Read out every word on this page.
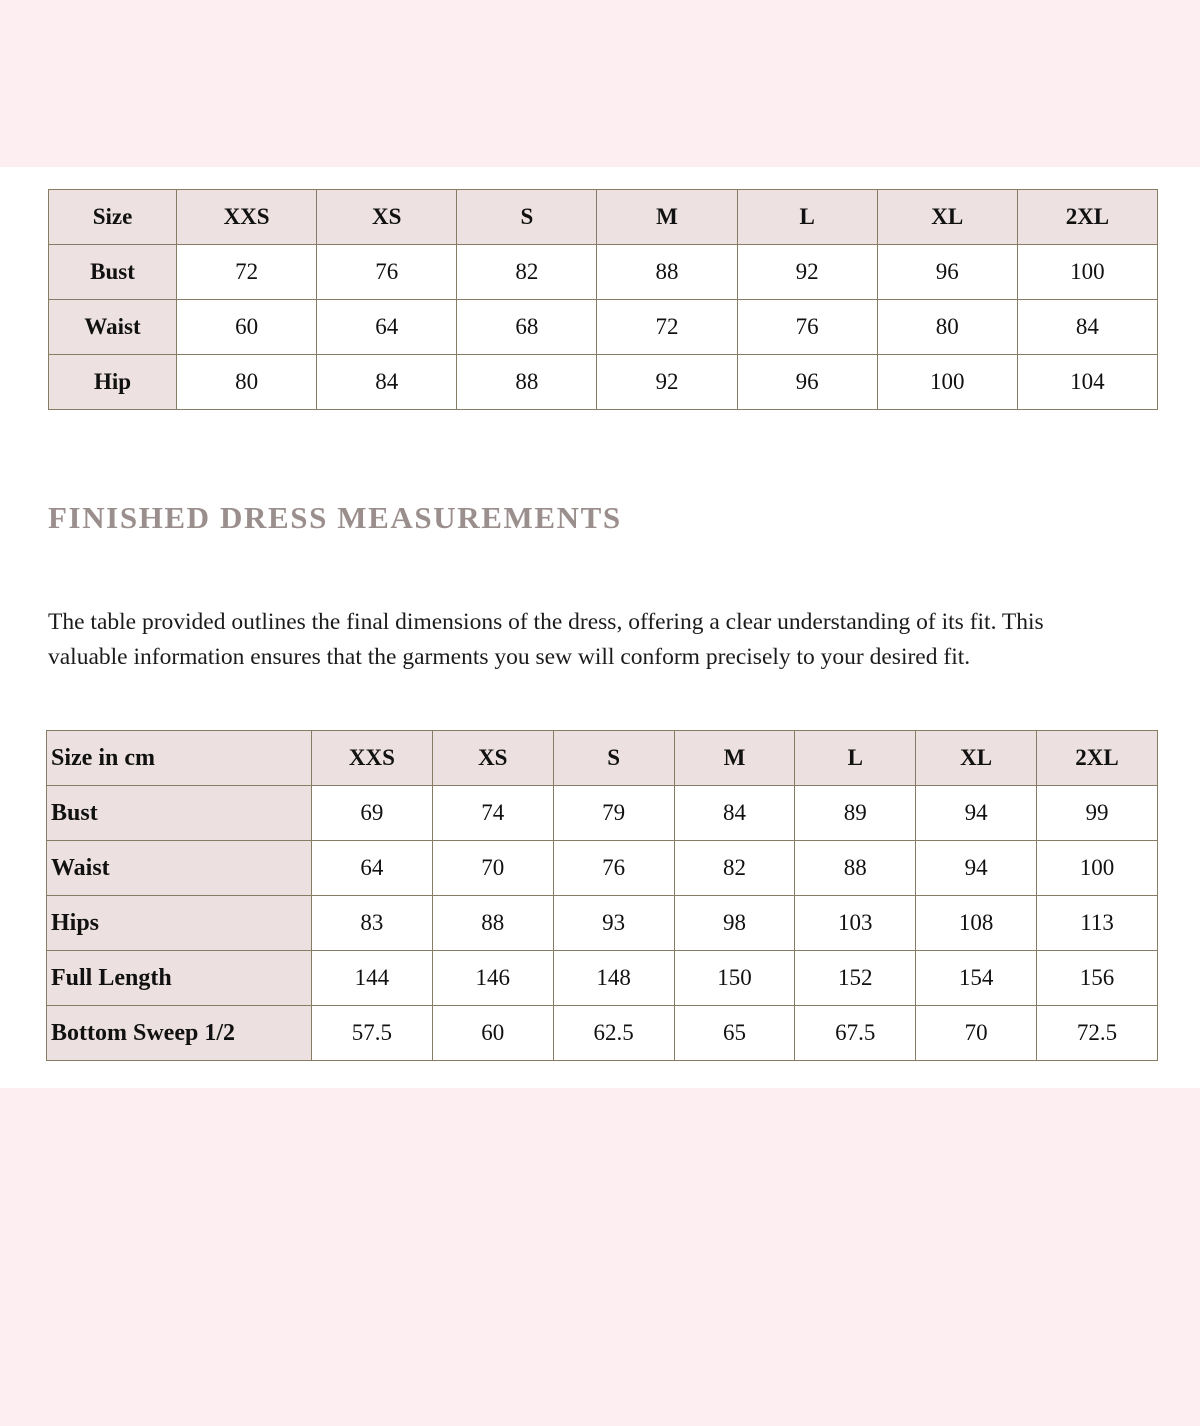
Size	XXS	XS	S	M	L	XL	2XL
Bust	72	76	82	88	92	96	100
Waist	60	64	68	72	76	80	84
Hip	80	84	88	92	96	100	104
FINISHED DRESS MEASUREMENTS

The table provided outlines the final dimensions of the dress, offering a clear understanding of its fit. This valuable information ensures that the garments you sew will conform precisely to your desired fit.

Size in cm	XXS	XS	S	M	L	XL	2XL
Bust	69	74	79	84	89	94	99
Waist	64	70	76	82	88	94	100
Hips	83	88	93	98	103	108	113
Full Length	144	146	148	150	152	154	156
Bottom Sweep 1/2	57.5	60	62.5	65	67.5	70	72.5
